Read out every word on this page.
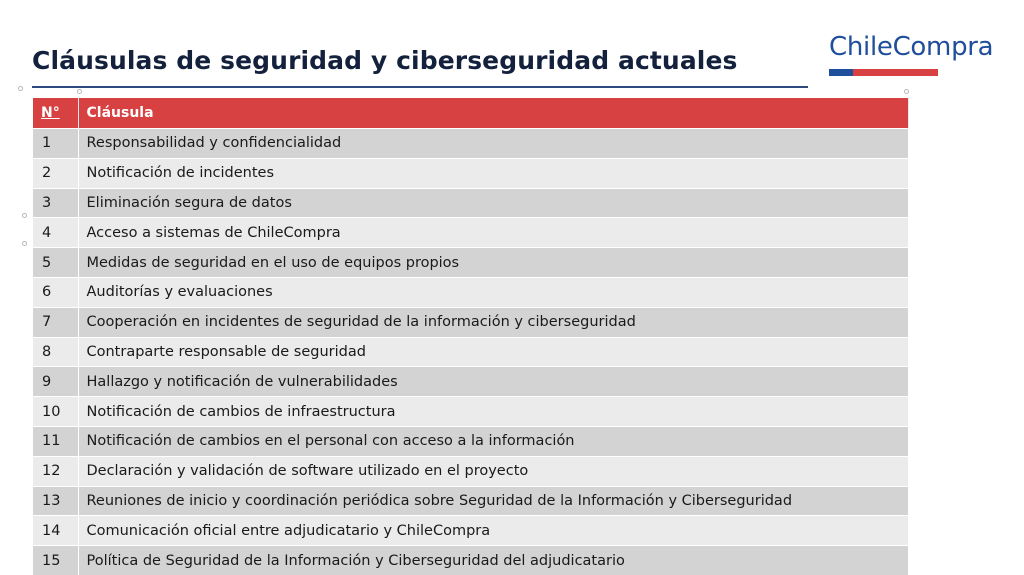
Cláusulas de seguridad y ciberseguridad actuales	ChileCompra
N°	Cláusula
1	Responsabilidad y confidencialidad
2	Notificación de incidentes
3	Eliminación segura de datos
4	Acceso a sistemas de ChileCompra
5	Medidas de seguridad en el uso de equipos propios
6	Auditorías y evaluaciones
7	Cooperación en incidentes de seguridad de la información y ciberseguridad
8	Contraparte responsable de seguridad
9	Hallazgo y notificación de vulnerabilidades
10	Notificación de cambios de infraestructura
11	Notificación de cambios en el personal con acceso a la información
12	Declaración y validación de software utilizado en el proyecto
13	Reuniones de inicio y coordinación periódica sobre Seguridad de la Información y Ciberseguridad
14	Comunicación oficial entre adjudicatario y ChileCompra
15	Política de Seguridad de la Información y Ciberseguridad del adjudicatario
